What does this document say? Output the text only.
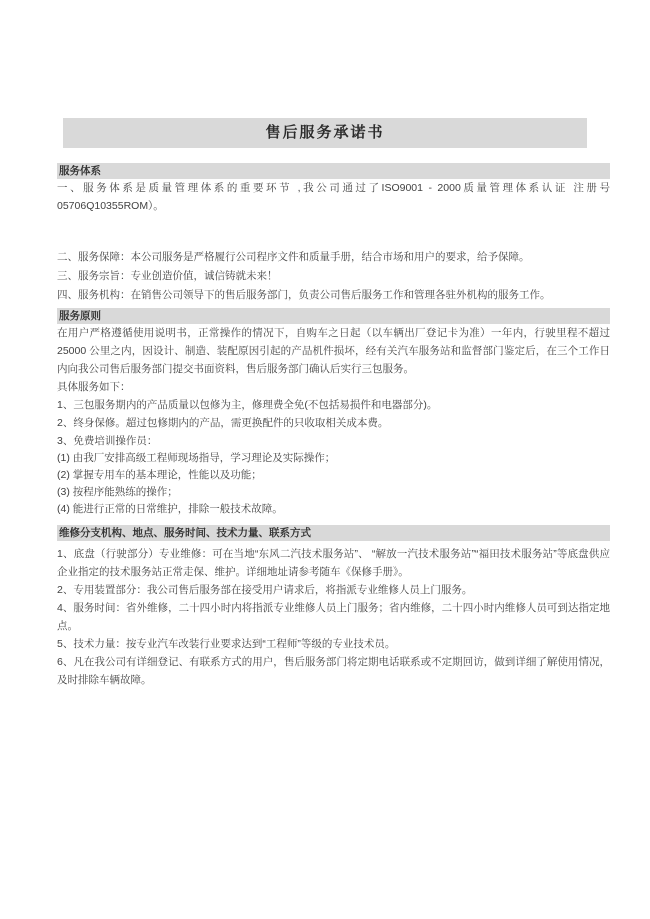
售后服务承诺书
服务体系

一、服务体系是质量管理体系的重要环节 ,我公司通过了ISO9001 - 2000质量管理体系认证 注册号05706Q10355ROM）。

二、服务保障：本公司服务是严格履行公司程序文件和质量手册，结合市场和用户的要求，给予保障。

三、服务宗旨：专业创造价值，诚信铸就未来！

四、服务机构：在销售公司领导下的售后服务部门，负责公司售后服务工作和管理各驻外机构的服务工作。

服务原则

在用户严格遵循使用说明书，正常操作的情况下，自购车之日起（以车辆出厂登记卡为准）一年内，行驶里程不超过 25000 公里之内，因设计、制造、装配原因引起的产品机件损坏，经有关汽车服务站和监督部门鉴定后，在三个工作日内向我公司售后服务部门提交书面资料，售后服务部门确认后实行三包服务。

具体服务如下：

1、三包服务期内的产品质量以包修为主，修理费全免(不包括易损件和电器部分)。

2、终身保修。超过包修期内的产品，需更换配件的只收取相关成本费。

3、免费培训操作员：

(1) 由我厂安排高级工程师现场指导，学习理论及实际操作；

(2) 掌握专用车的基本理论，性能以及功能；

(3) 按程序能熟练的操作；

(4) 能进行正常的日常维护，排除一般技术故障。

维修分支机构、地点、服务时间、技术力量、联系方式

1、底盘（行驶部分）专业维修：可在当地“东风二汽技术服务站”、 “解放一汽技术服务站”“福田技术服务站”等底盘供应企业指定的技术服务站正常走保、维护。详细地址请参考随车《保修手册》。

2、专用装置部分：我公司售后服务部在接受用户请求后，将指派专业维修人员上门服务。

4、服务时间：省外维修，二十四小时内将指派专业维修人员上门服务；省内维修，二十四小时内维修人员可到达指定地点。

5、技术力量：按专业汽车改装行业要求达到“工程师”等级的专业技术员。

6、凡在我公司有详细登记、有联系方式的用户，售后服务部门将定期电话联系或不定期回访，做到详细了解使用情况，及时排除车辆故障。
